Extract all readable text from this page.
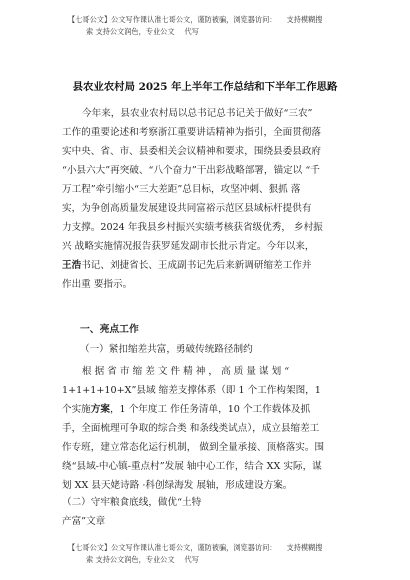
【七哥公文】公文写作课认准七哥公文，谨防被骗，浏览器访问： 支持模糊搜
索 支持公文润色，专业公文 代写
县农业农村局 2025 年上半年工作总结和下半年工作思路
今年来，县农业农村局以总书记总书记关于做好“三农”
工作的重要论述和考察浙江重要讲话精神为指引，全面贯彻落
实中央、省、市、县委相关会议精神和要求，围绕县委县政府
“小县六大”再突破、“八个奋力”干出彩战略部署，锚定以 “千
万工程”牵引缩小“三大差距”总目标，攻坚冲刺、狠抓 落
实，为争创高质量发展建设共同富裕示范区县域标杆提供有
力支撑。2024 年我县乡村振兴实绩考核获省级优秀， 乡村振
兴 战略实施情况报告获罗延发副市长批示肯定。今年以来，
王浩 书记、刘捷省长、王成副书记先后来新调研缩差工作并
作出重 要指示。
一、亮点工作
（一）紧扣缩差共富，勇破传统路径制约
根 据 省 市 缩 差 文 件 精 神 ， 高 质 量 谋 划 “
1+1+1+10+X”县域 缩差支撑体系（即 1 个工作构架图，1
个实施 方案 ，1 个年度工 作任务清单，10 个工作载体及抓
手，全面梳理可争取的综合类 和条线类试点），成立县缩差工
作专班，建立常态化运行机制， 做到全量承接、顶格落实。围
绕“县域-中心镇-重点村”发展 轴中心工作，结合 XX 实际，谋
划 XX 县天姥诗路 ·科创绿海发 展轴，形成建设方案。
（二）守牢粮食底线，做优“土特
产富”文章
【七哥公文】公文写作课认准七哥公文，谨防被骗，浏览器访问： 支持模糊搜
索 支持公文润色，专业公文 代写
